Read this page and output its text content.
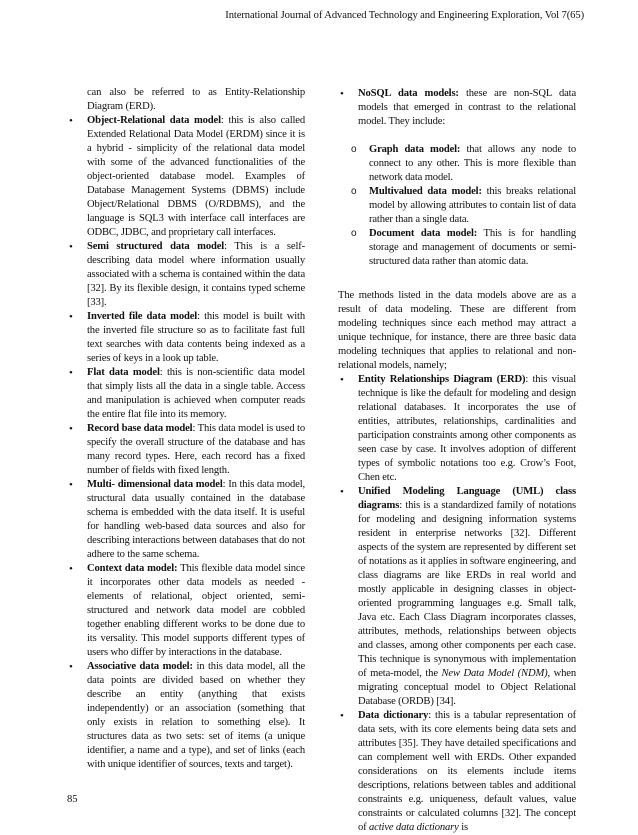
International Journal of Advanced Technology and Engineering Exploration, Vol 7(65)
can also be referred to as Entity-Relationship Diagram (ERD).
• Object-Relational data model: this is also called Extended Relational Data Model (ERDM) since it is a hybrid - simplicity of the relational data model with some of the advanced functionalities of the object-oriented database model. Examples of Database Management Systems (DBMS) include Object/Relational DBMS (O/RDBMS), and the language is SQL3 with interface call interfaces are ODBC, JDBC, and proprietary call interfaces.
• Semi structured data model: This is a self-describing data model where information usually associated with a schema is contained within the data [32]. By its flexible design, it contains typed scheme [33].
• Inverted file data model: this model is built with the inverted file structure so as to facilitate fast full text searches with data contents being indexed as a series of keys in a look up table.
• Flat data model: this is non-scientific data model that simply lists all the data in a single table. Access and manipulation is achieved when computer reads the entire flat file into its memory.
• Record base data model: This data model is used to specify the overall structure of the database and has many record types. Here, each record has a fixed number of fields with fixed length.
• Multi- dimensional data model: In this data model, structural data usually contained in the database schema is embedded with the data itself. It is useful for handling web-based data sources and also for describing interactions between databases that do not adhere to the same schema.
• Context data model: This flexible data model since it incorporates other data models as needed - elements of relational, object oriented, semi-structured and network data model are cobbled together enabling different works to be done due to its versality. This model supports different types of users who differ by interactions in the database.
• Associative data model: in this data model, all the data points are divided based on whether they describe an entity (anything that exists independently) or an association (something that only exists in relation to something else). It structures data as two sets: set of items (a unique identifier, a name and a type), and set of links (each with unique identifier of sources, texts and target).
• NoSQL data models: these are non-SQL data models that emerged in contrast to the relational model. They include:
o Graph data model: that allows any node to connect to any other. This is more flexible than network data model.
o Multivalued data model: this breaks relational model by allowing attributes to contain list of data rather than a single data.
o Document data model: This is for handling storage and management of documents or semi-structured data rather than atomic data.

The methods listed in the data models above are as a result of data modeling. These are different from modeling techniques since each method may attract a unique technique, for instance, there are three basic data modeling techniques that applies to relational and non-relational models, namely;

• Entity Relationships Diagram (ERD): this visual technique is like the default for modeling and design relational databases. It incorporates the use of entities, attributes, relationships, cardinalities and participation constraints among other components as seen case by case. It involves adoption of different types of symbolic notations too e.g. Crow’s Foot, Chen etc.
• Unified Modeling Language (UML) class diagrams: this is a standardized family of notations for modeling and designing information systems resident in enterprise networks [32]. Different aspects of the system are represented by different set of notations as it applies in software engineering, and class diagrams are like ERDs in real world and mostly applicable in designing classes in object-oriented programming languages e.g. Small talk, Java etc. Each Class Diagram incorporates classes, attributes, methods, relationships between objects and classes, among other components per each case. This technique is synonymous with implementation of meta-model, the New Data Model (NDM), when migrating conceptual model to Object Relational Database (ORDB) [34].
• Data dictionary: this is a tabular representation of data sets, with its core elements being data sets and attributes [35]. They have detailed specifications and can complement well with ERDs. Other expanded considerations on its elements include items descriptions, relations between tables and additional constraints e.g. uniqueness, default values, value constraints or calculated columns [32]. The concept of active data dictionary is
85
